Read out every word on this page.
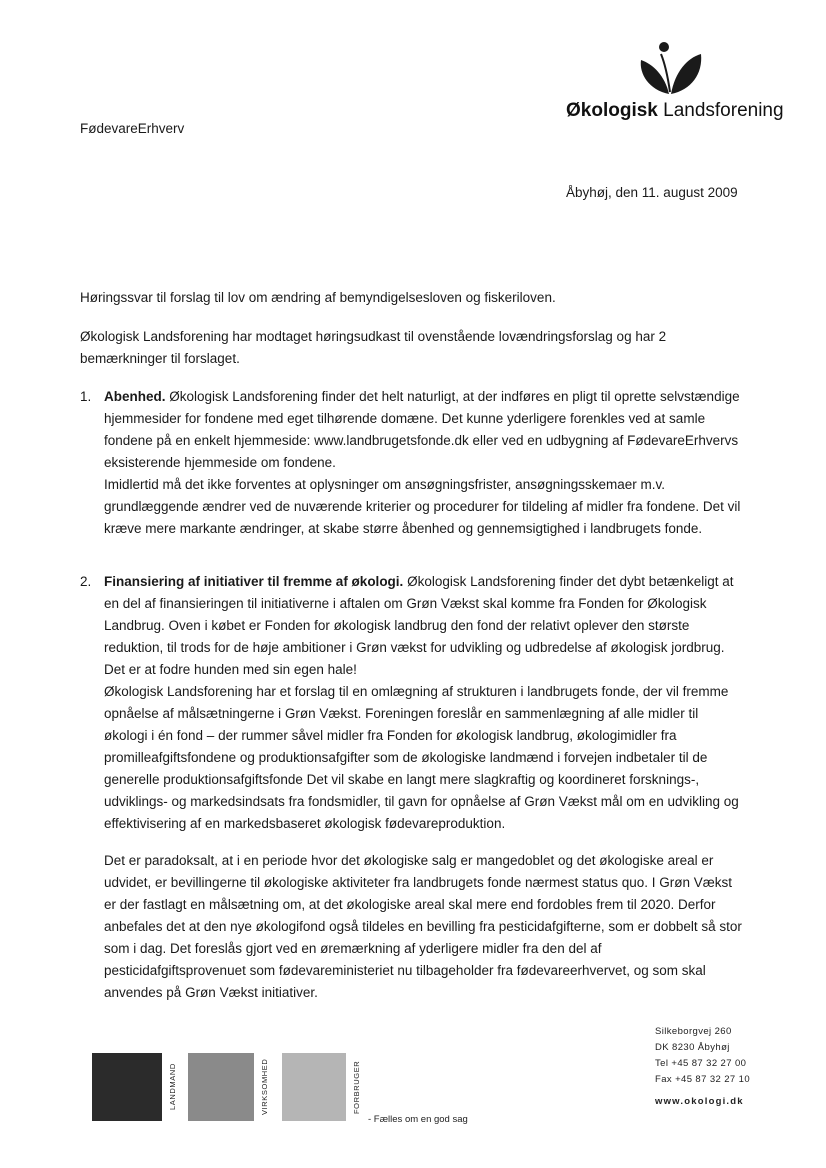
Økologisk Landsforening
FødevareErhverv
Åbyhøj, den 11. august 2009
Høringssvar til forslag til lov om ændring af bemyndigelsesloven og fiskeriloven.
Økologisk Landsforening har modtaget høringsudkast til ovenstående lovændringsforslag og har 2 bemærkninger til forslaget.
1. Abenhed. Økologisk Landsforening finder det helt naturligt, at der indføres en pligt til oprette selvstændige hjemmesider for fondene med eget tilhørende domæne. Det kunne yderligere forenkles ved at samle fondene på en enkelt hjemmeside: www.landbrugetsfonde.dk eller ved en udbygning af FødevareErhvervs eksisterende hjemmeside om fondene.

Imidlertid må det ikke forventes at oplysninger om ansøgningsfrister, ansøgningsskemaer m.v. grundlæggende ændrer ved de nuværende kriterier og procedurer for tildeling af midler fra fondene. Det vil kræve mere markante ændringer, at skabe større åbenhed og gennemsigtighed i landbrugets fonde.

2. Finansiering af initiativer til fremme af økologi. Økologisk Landsforening finder det dybt betænkeligt at en del af finansieringen til initiativerne i aftalen om Grøn Vækst skal komme fra Fonden for Økologisk Landbrug. Oven i købet er Fonden for økologisk landbrug den fond der relativt oplever den største reduktion, til trods for de høje ambitioner i Grøn vækst for udvikling og udbredelse af økologisk jordbrug. Det er at fodre hunden med sin egen hale!

Økologisk Landsforening har et forslag til en omlægning af strukturen i landbrugets fonde, der vil fremme opnåelse af målsætningerne i Grøn Vækst. Foreningen foreslår en sammenlægning af alle midler til økologi i én fond – der rummer såvel midler fra Fonden for økologisk landbrug, økologimidler fra promilleafgiftsfondene og produktionsafgifter som de økologiske landmænd i forvejen indbetaler til de generelle produktionsafgiftsfonde Det vil skabe en langt mere slagkraftig og koordineret forsknings-, udviklings- og markedsindsats fra fondsmidler, til gavn for opnåelse af Grøn Vækst mål om en udvikling og effektivisering af en markedsbaseret økologisk fødevareproduktion.

Det er paradoksalt, at i en periode hvor det økologiske salg er mangedoblet og det økologiske areal er udvidet, er bevillingerne til økologiske aktiviteter fra landbrugets fonde nærmest status quo. I Grøn Vækst er der fastlagt en målsætning om, at det økologiske areal skal mere end fordobles frem til 2020. Derfor anbefales det at den nye økologifond også tildeles en bevilling fra pesticidafgifterne, som er dobbelt så stor som i dag. Det foreslås gjort ved en øremærkning af yderligere midler fra den del af pesticidafgiftsprovenuet som fødevareministeriet nu tilbageholder fra fødevareerhvervet, og som skal anvendes på Grøn Vækst initiativer.
LANDMAND	VIRKSOMHED	FORBRUGER
- Fælles om en god sag
Silkeborgvej 260
DK 8230 Åbyhøj
Tel +45 87 32 27 00
Fax +45 87 32 27 10
www.okologi.dk
